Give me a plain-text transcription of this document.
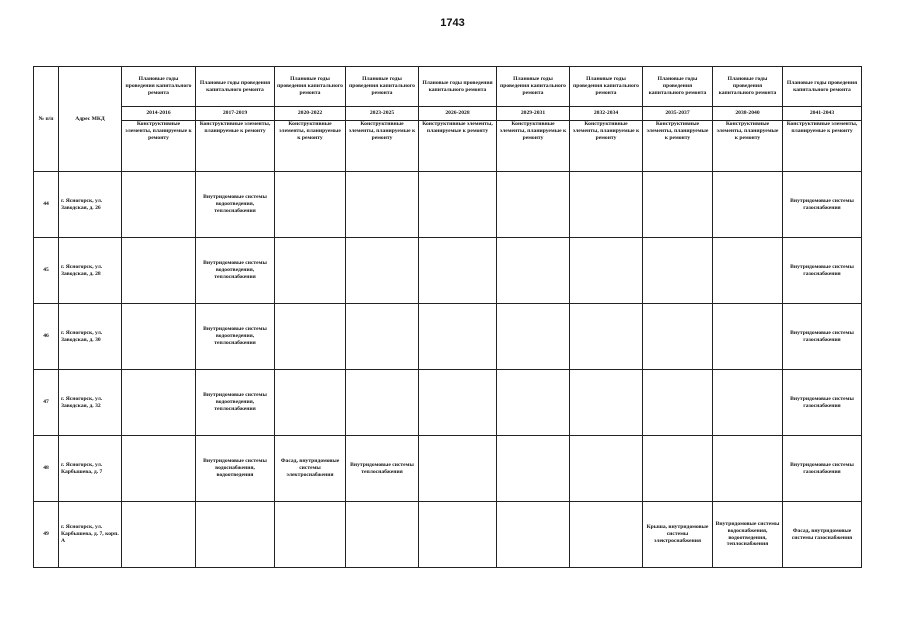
1743
№ п/п	Адрес МКД	Плановые годы проведения капитального ремонта	Плановые годы проведения капитального ремонта	Плановые годы проведения капитального ремонта	Плановые годы проведения капитального ремонта	Плановые годы проведения капитального ремонта	Плановые годы проведения капитального ремонта	Плановые годы проведения капитального ремонта	Плановые годы проведения капитального ремонта	Плановые годы проведения капитального ремонта	Плановые годы проведения капитального ремонта
		2014-2016	2017-2019	2020-2022	2023-2025	2026-2028	2029-2031	2032-2034	2035-2037	2038-2040	2041-2043
		Конструктивные элементы, планируемые к ремонту	Конструктивные элементы, планируемые к ремонту	Конструктивные элементы, планируемые к ремонту	Конструктивные элементы, планируемые к ремонту	Конструктивные элементы, планируемые к ремонту	Конструктивные элементы, планируемые к ремонту	Конструктивные элементы, планируемые к ремонту	Конструктивные элементы, планируемые к ремонту	Конструктивные элементы, планируемые к ремонту	Конструктивные элементы, планируемые к ремонту
44	г. Ясногорск, ул. Заводская, д. 26		Внутридомовые системы водоотведения, теплоснабжения								Внутридомовые системы газоснабжения
45	г. Ясногорск, ул. Заводская, д. 28		Внутридомовые системы водоотведения, теплоснабжения								Внутридомовые системы газоснабжения
46	г. Ясногорск, ул. Заводская, д. 30		Внутридомовые системы водоотведения, теплоснабжения								Внутридомовые системы газоснабжения
47	г. Ясногорск, ул. Заводская, д. 32		Внутридомовые системы водоотведения, теплоснабжения								Внутридомовые системы газоснабжения
48	г. Ясногорск, ул. Карбышева, д. 7		Внутридомовые системы водоснабжения, водоотведения	Фасад, внутридомовые системы электроснабжения	Внутридомовые системы теплоснабжения						Внутридомовые системы газоснабжения
49	г. Ясногорск, ул. Карбышева, д. 7, корп. А								Крыша, внутридомовые системы электроснабжения	Внутридомовые системы водоснабжения, водоотведения, теплоснабжения	Фасад, внутридомовые системы газоснабжения
